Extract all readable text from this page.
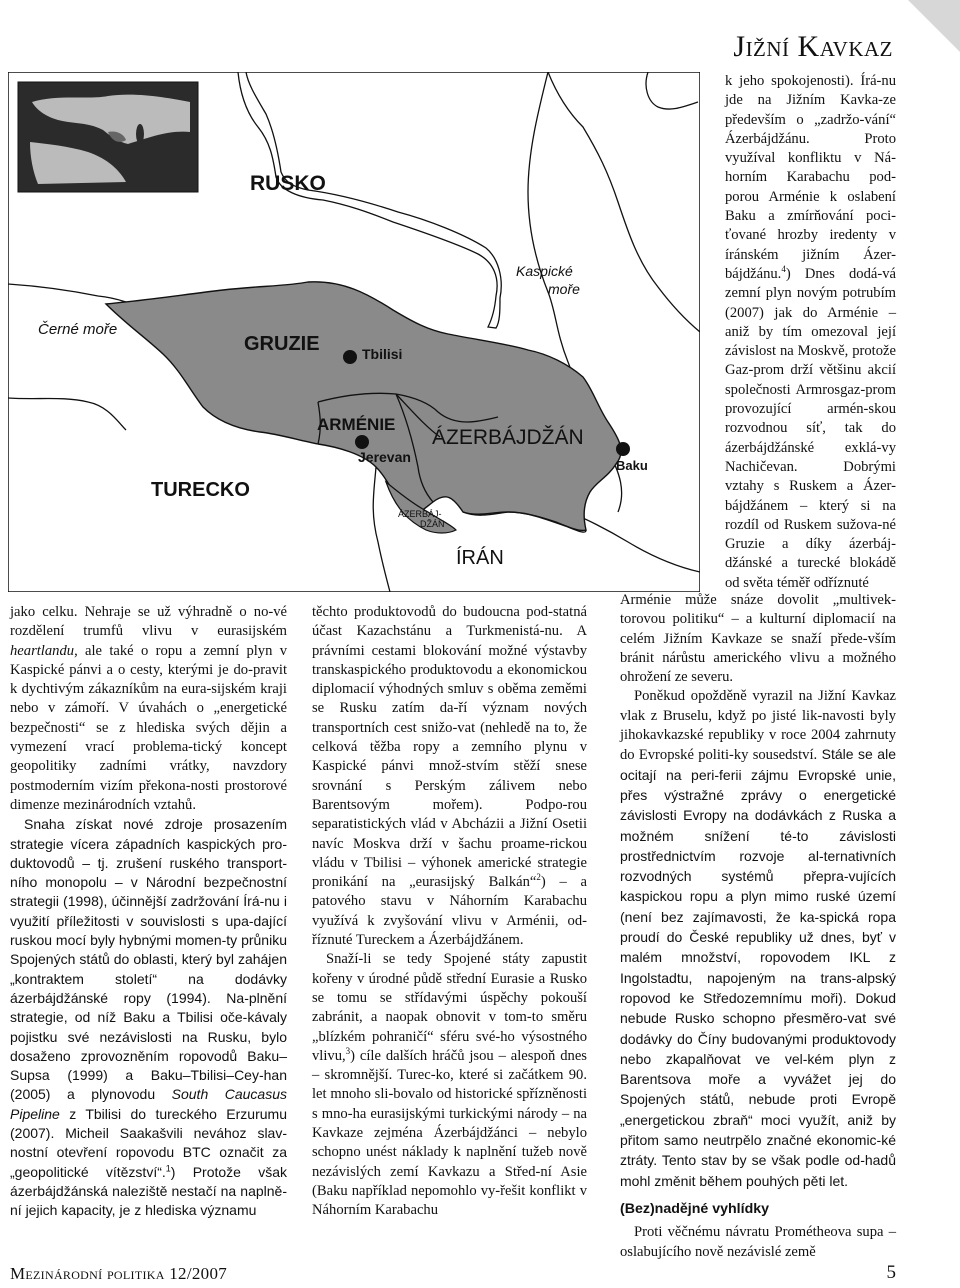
Jižní Kavkaz
RUSKO
Černé moře
Kaspické
moře
GRUZIE	Tbilisi
ARMÉNIE
Jerevan
ÁZERBÁJDŽÁN
Baku
TURECKO
ÁZERBÁJ-
DŽÁN
ÍRÁN

jako celku. Nehraje se už výhradně o no-vé rozdělení trumfů vlivu v eurasijském heartlandu, ale také o ropu a zemní plyn v Kaspické pánvi a o cesty, kterými je do-pravit k dychtivým zákazníkům na eura-sijském kraji nebo v zámoří. V úvahách o „energetické bezpečnosti“ se z hlediska svých dějin a vymezení vrací problema-tický koncept geopolitiky zadními vrátky, navzdory postmoderním vizím překona-nosti prostorové dimenze mezinárodních vztahů.

Snaha získat nové zdroje prosazením strategie vícera západních kaspických pro-duktovodů – tj. zrušení ruského transport-ního monopolu – v Národní bezpečnostní strategii (1998), účinnější zadržování Írá-nu i využití příležitosti v souvislosti s upa-dající ruskou mocí byly hybnými momen-ty průniku Spojených států do oblasti, který byl zahájen „kontraktem století“ na dodávky ázerbájdžánské ropy (1994). Na-plnění strategie, od níž Baku a Tbilisi oče-kávaly pojistku své nezávislosti na Rusku, bylo dosaženo zprovozněním ropovodů Baku–Supsa (1999) a Baku–Tbilisi–Cey-han (2005) a plynovodu South Caucasus Pipeline z Tbilisi do tureckého Erzurumu (2007). Micheil Saakašvili nevához slav-nostní otevření ropovodu BTC označit za „geopolitické vítězství“.$^1$) Protože však ázerbájdžánská naleziště nestačí na naplně-ní jejich kapacity, je z hlediska významu

těchto produktovodů do budoucna pod-statná účast Kazachstánu a Turkmenistá-nu. A právními cestami blokování možné výstavby transkaspického produktovodu a ekonomickou diplomacií výhodných smluv s oběma zeměmi se Rusku zatím da-ří význam nových transportních cest snižo-vat (nehledě na to, že celková těžba ropy a zemního plynu v Kaspické pánvi množ-stvím stěží snese srovnání s Perským zálivem nebo Barentsovým mořem). Podpo-rou separatistických vlád v Abcházii a Jižní Osetii navíc Moskva drží v šachu proame-rickou vládu v Tbilisi – výhonek americké strategie pronikání na „eurasijský Balkán“$^2$) – a patového stavu v Náhorním Karabachu využívá k zvyšování vlivu v Arménii, od-říznuté Tureckem a Ázerbájdžánem.

Snaží-li se tedy Spojené státy zapustit kořeny v úrodné půdě střední Eurasie a Rusko se tomu se střídavými úspěchy pokouší zabránit, a naopak obnovit v tom-to směru „blízkém pohraničí“ sféru své-ho výsostného vlivu,$^3$) cíle dalších hráčů jsou – alespoň dnes – skromnější. Turec-ko, které si začátkem 90. let mnoho sli-bovalo od historické spřízněnosti s mno-ha eurasijskými turkickými národy – na Kavkaze zejména Ázerbájdžánci – nebylo schopno unést náklady k naplnění tužeb nově nezávislých zemí Kavkazu a Střed-ní Asie (Baku například nepomohlo vy-řešit konflikt v Náhorním Karabachu

k jeho spokojenosti). Írá-nu jde na Jižním Kavka-ze především o „zadržo-vání“ Ázerbájdžánu. Proto využíval konfliktu v Ná-horním Karabachu pod-porou Arménie k oslabení Baku a zmírňování poci-ťované hrozby iredenty v íránském jižním Ázer-bájdžánu.$^4$) Dnes dodá-vá zemní plyn novým potrubím (2007) jak do Arménie – aniž by tím omezoval její závislost na Moskvě, protože Gaz-prom drží většinu akcií společnosti Armrosgaz-prom provozující armén-skou rozvodnou síť, tak do ázerbájdžánské exklá-vy Nachičevan. Dobrými vztahy s Ruskem a Ázer-bájdžánem – který si na rozdíl od Ruskem sužova-né Gruzie a díky ázerbáj-džánské a turecké blokádě od světa téměř odříznuté

Arménie může snáze dovolit „multivek-torovou politiku“ – a kulturní diplomacií na celém Jižním Kavkaze se snaží přede-vším bránit nárůstu amerického vlivu a možného ohrožení ze severu.

Poněkud opožděně vyrazil na Jižní Kavkaz vlak z Bruselu, když po jisté lik-navosti byly jihokavkazské republiky v roce 2004 zahrnuty do Evropské politi-ky sousedství. Stále se ale ocitají na peri-ferii zájmu Evropské unie, přes výstražné zprávy o energetické závislosti Evropy na dodávkách z Ruska a možném snížení té-to závislosti prostřednictvím rozvoje al-ternativních rozvodných systémů přepra-vujících kaspickou ropu a plyn mimo ruské území (není bez zajímavosti, že ka-spická ropa proudí do České republiky už dnes, byť v malém množství, ropovodem IKL z Ingolstadtu, napojeným na trans-alpský ropovod ke Středozemnímu moři). Dokud nebude Rusko schopno přesměro-vat své dodávky do Číny budovanými produktovody nebo zkapalňovat ve vel-kém plyn z Barentsova moře a vyvážet jej do Spojených států, nebude proti Evropě „energetickou zbraň“ moci využít, aniž by přitom samo neutrpělo značné ekonomic-ké ztráty. Tento stav by se však podle od-hadů mohl změnit během pouhých pěti let.

(Bez)nadějné vyhlídky

Proti věčnému návratu Prométheova supa – oslabujícího nově nezávislé země

Mezinárodní politika 12/2007	5
